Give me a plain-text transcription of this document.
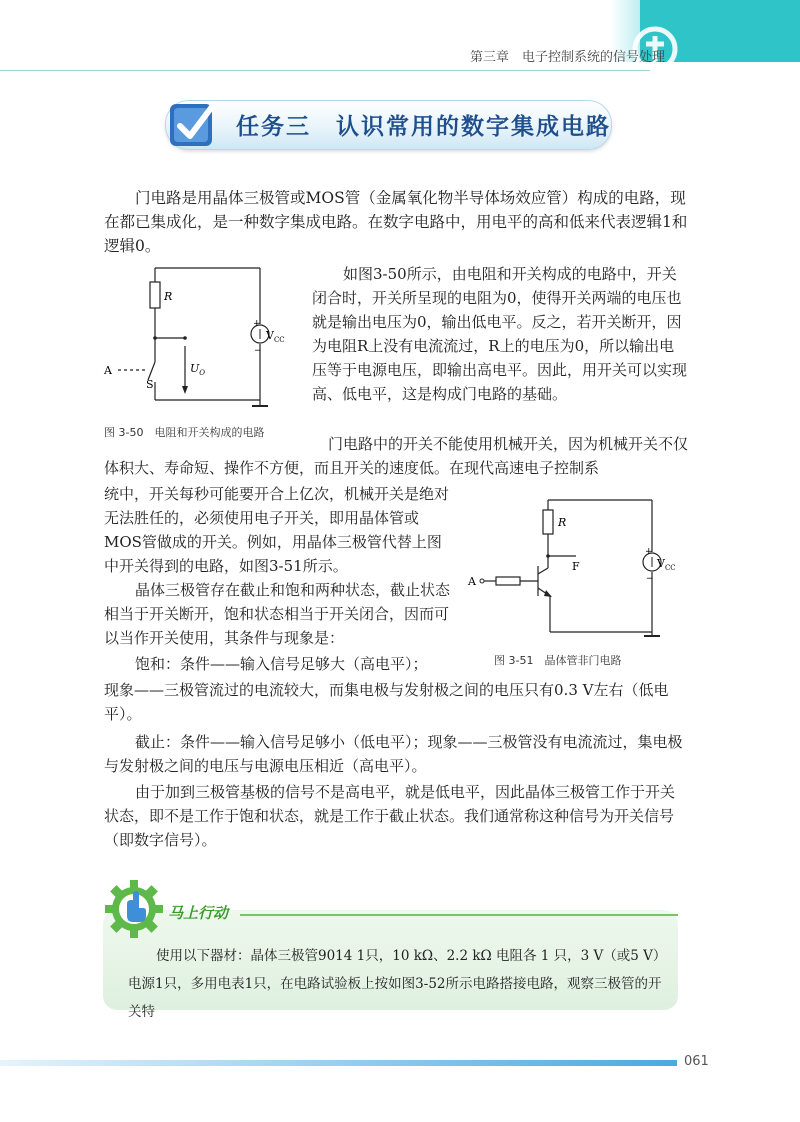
第三章　电子控制系统的信号处理
任务三　认识常用的数字集成电路

门电路是用晶体三极管或MOS管（金属氧化物半导体场效应管）构成的电路，现在都已集成化，是一种数字集成电路。在数字电路中，用电平的高和低来代表逻辑1和逻辑0。

R
$V_{CC}$
+
−
$U_O$
A
S
图 3-50　电阻和开关构成的电路

如图3-50所示，由电阻和开关构成的电路中，开关闭合时，开关所呈现的电阻为0，使得开关两端的电压也就是输出电压为0，输出低电平。反之，若开关断开，因为电阻R上没有电流流过，R上的电压为0，所以输出电压等于电源电压，即输出高电平。因此，用开关可以实现高、低电平，这是构成门电路的基础。

门电路中的开关不能使用机械开关，因为机械开关不仅体积大、寿命短、操作不方便，而且开关的速度低。在现代高速电子控制系

统中，开关每秒可能要开合上亿次，机械开关是绝对无法胜任的，必须使用电子开关，即用晶体管或MOS管做成的开关。例如，用晶体三极管代替上图中开关得到的电路，如图3-51所示。

R
F	$V_{CC}$
+
−
A
图 3-51　晶体管非门电路

晶体三极管存在截止和饱和两种状态，截止状态相当于开关断开，饱和状态相当于开关闭合，因而可以当作开关使用，其条件与现象是：

饱和：条件——输入信号足够大（高电平）；

现象——三极管流过的电流较大，而集电极与发射极之间的电压只有0.3 V左右（低电平）。

截止：条件——输入信号足够小（低电平）；现象——三极管没有电流流过，集电极与发射极之间的电压与电源电压相近（高电平）。

由于加到三极管基极的信号不是高电平，就是低电平，因此晶体三极管工作于开关状态，即不是工作于饱和状态，就是工作于截止状态。我们通常称这种信号为开关信号（即数字信号）。

马上行动

使用以下器材：晶体三极管9014 1只，10 kΩ、2.2 kΩ 电阻各 1 只，3 V（或5 V）电源1只，多用电表1只，在电路试验板上按如图3-52所示电路搭接电路，观察三极管的开关特

061
